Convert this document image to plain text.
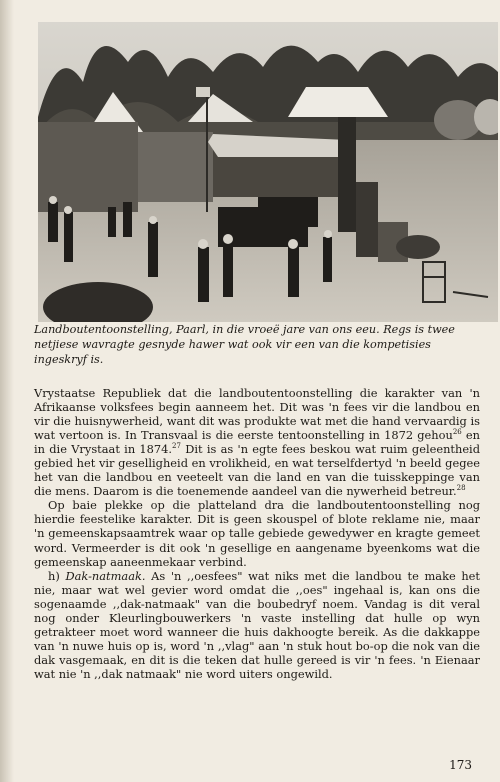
Landboutentoonstelling, Paarl, in die vroeë jare van ons eeu. Regs is twee netjiese wavragte gesnyde hawer wat ook vir een van die kompetisies ingeskryf is.

Vrystaatse Republiek dat die landboutentoonstelling die karakter van 'n Afrikaanse volksfees begin aanneem het. Dit was 'n fees vir die landbou en vir die huisnywerheid, want dit was produkte wat met die hand vervaardig is wat vertoon is. In Transvaal is die eerste tentoonstelling in 1872 gehou$^{26}$ en in die Vrystaat in 1874.27 Dit is as 'n egte fees beskou wat ruim geleentheid gebied het vir geselligheid en vrolikheid, en wat terselfdertyd 'n beeld gegee het van die landbou en veeteelt van die land en van die tuisskeppinge van die mens. Daarom is die toenemende aandeel van die nywerheid betreur.$^{28}$

Op baie plekke op die platteland dra die landboutentoonstelling nog hierdie feestelike karakter. Dit is geen skouspel of blote reklame nie, maar 'n gemeenskapsaamtrek waar op talle gebiede gewedywer en kragte gemeet word. Vermeerder is dit ook 'n gesellige en aangename byeenkoms wat die gemeenskap aaneenmekaar verbind.

h) Dak-natmaak. As 'n ,,oesfees" wat niks met die landbou te make het nie, maar wat wel gevier word omdat die ,,oes" ingehaal is, kan ons die sogenaamde ,,dak-natmaak" van die boubedryf noem. Vandag is dit veral nog onder Kleurlingbouwerkers 'n vaste instelling dat hulle op wyn getrakteer moet word wanneer die huis dakhoogte bereik. As die dakkappe van 'n nuwe huis op is, word 'n ,,vlag" aan 'n stuk hout bo-op die nok van die dak vasgemaak, en dit is die teken dat hulle gereed is vir 'n fees. 'n Eienaar wat nie 'n ,,dak natmaak" nie word uiters ongewild.

173
